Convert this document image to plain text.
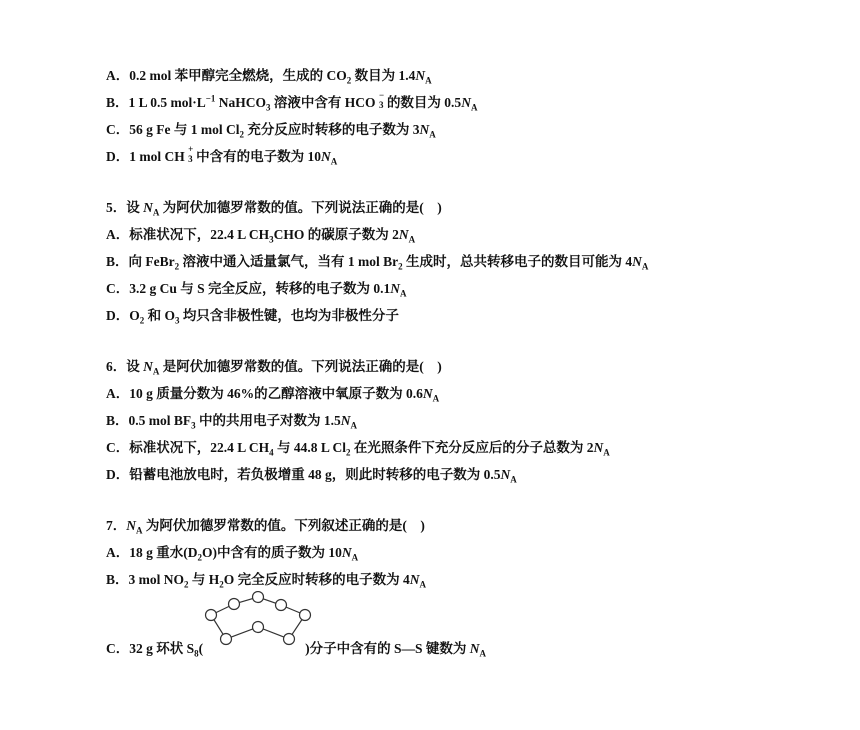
A．0.2 mol 苯甲醇完全燃烧，生成的 $CO_2$ 数目为 $1.4N_A$
B．1 L 0.5 $mol\cdot L^{-1}$ NaHCO$_3$ 溶液中含有 HCO −
3 的数目为 $0.5N_A$
C．56 g Fe 与 1 mol $Cl_2$ 充分反应时转移的电子数为 $3N_A$
D．1 mol CH +
3 中含有的电子数为 $10N_A$
5．设 $N_A$ 为阿伏加德罗常数的值。下列说法正确的是(　)
A．标准状况下，22.4 L $CH_3CHO$ 的碳原子数为 $2N_A$
B．向 FeBr$_2$ 溶液中通入适量氯气，当有 1 mol $Br_2$ 生成时，总共转移电子的数目可能为 $4N_A$
C．3.2 g Cu 与 S 完全反应，转移的电子数为 $0.1N_A$
D．$O_2$ 和 $O_3$ 均只含非极性键，也均为非极性分子
6．设 $N_A$ 是阿伏加德罗常数的值。下列说法正确的是(　)
A．10 g 质量分数为 46%的乙醇溶液中氧原子数为 $0.6N_A$
B．0.5 mol $BF_3$ 中的共用电子对数为 $1.5N_A$
C．标准状况下，22.4 L $CH_4$ 与 44.8 L $Cl_2$ 在光照条件下充分反应后的分子总数为 $2N_A$
D．铅蓄电池放电时，若负极增重 48 g，则此时转移的电子数为 $0.5N_A$
7．$N_A$ 为阿伏加德罗常数的值。下列叙述正确的是(　)
A．18 g 重水$(D_2O)$中含有的质子数为 $10N_A$
B．3 mol $NO_2$ 与 $H_2O$ 完全反应时转移的电子数为 $4N_A$
C．32 g 环状 $S_8$(	)分子中含有的 S—S 键数为 $N_A$
